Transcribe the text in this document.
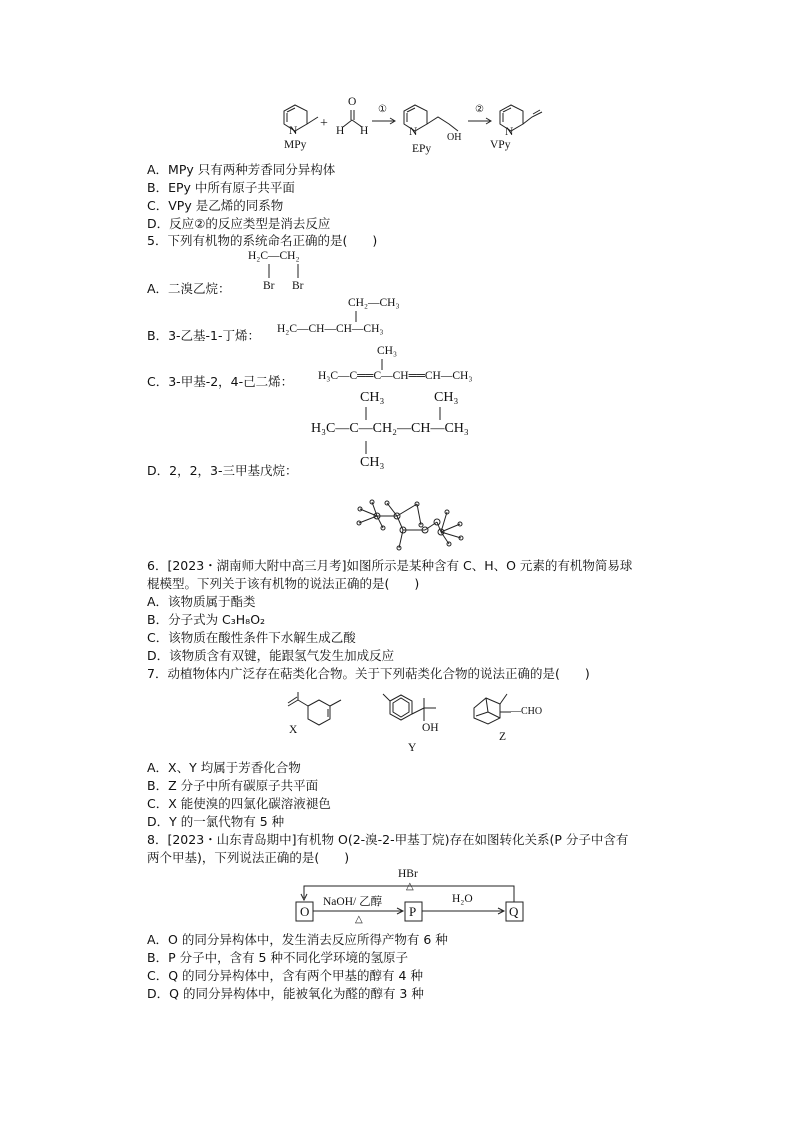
N
MPy
+
O
H H
①
N	OH
EPy
②
N
VPy
A．MPy 只有两种芳香同分异构体
B．EPy 中所有原子共平面
C．VPy 是乙烯的同系物
D．反应②的反应类型是消去反应
5．下列有机物的系统命名正确的是(　　)
H₂C—CH₂
Br Br
A．二溴乙烷：
CH₂—CH₃
B．3-乙基-1-丁烯： H₂C—CH—CH—CH₃
CH₃
C．3-甲基-2，4-己二烯： H₃C—C══C—CH══CH—CH₃
CH₃	CH₃
H₃C—C—CH₂—CH—CH₃
CH₃
D．2，2，3-三甲基戊烷：
6．[2023・湖南师大附中高三月考]如图所示是某种含有 C、H、O 元素的有机物简易球
棍模型。下列关于该有机物的说法正确的是(　　)
A．该物质属于酯类
B．分子式为 C₃H₈O₂
C．该物质在酸性条件下水解生成乙酸
D．该物质含有双键，能跟氢气发生加成反应
7．动植物体内广泛存在萜类化合物。关于下列萜类化合物的说法正确的是(　　)
X	OH
Y
—CHO
Z
A．X、Y 均属于芳香化合物
B．Z 分子中所有碳原子共平面
C．X 能使溴的四氯化碳溶液褪色
D．Y 的一氯代物有 5 种
8．[2023・山东青岛期中]有机物 O(2-溴-2-甲基丁烷)存在如图转化关系(P 分子中含有
两个甲基)，下列说法正确的是(　　)
HBr
△
O	P	Q
NaOH/ 乙醇
△
H₂O
A．O 的同分异构体中，发生消去反应所得产物有 6 种
B．P 分子中，含有 5 种不同化学环境的氢原子
C．Q 的同分异构体中，含有两个甲基的醇有 4 种
D．Q 的同分异构体中，能被氧化为醛的醇有 3 种
